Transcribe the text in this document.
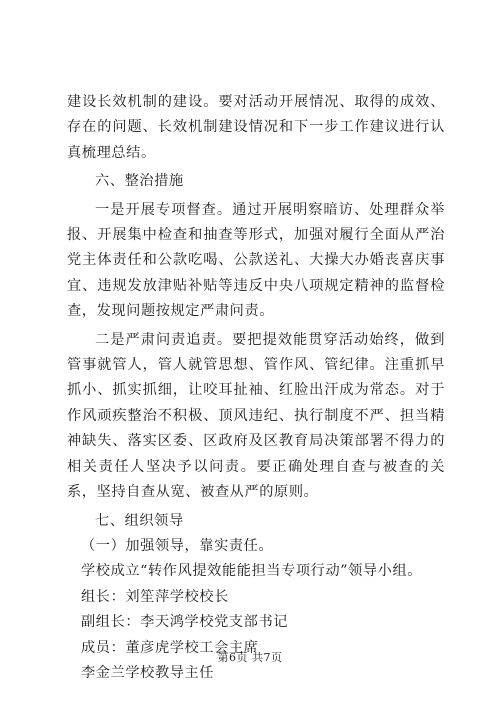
建设长效机制的建设。要对活动开展情况、取得的成效、存在的问题、长效机制建设情况和下一步工作建议进行认真梳理总结。

六、整治措施

一是开展专项督查。通过开展明察暗访、处理群众举报、开展集中检查和抽查等形式，加强对履行全面从严治党主体责任和公款吃喝、公款送礼、大操大办婚丧喜庆事宜、违规发放津贴补贴等违反中央八项规定精神的监督检查，发现问题按规定严肃问责。

二是严肃问责追责。要把提效能贯穿活动始终，做到管事就管人，管人就管思想、管作风、管纪律。注重抓早抓小、抓实抓细，让咬耳扯袖、红脸出汗成为常态。对于作风顽疾整治不积极、顶风违纪、执行制度不严、担当精神缺失、落实区委、区政府及区教育局决策部署不得力的相关责任人坚决予以问责。要正确处理自查与被查的关系，坚持自查从宽、被查从严的原则。

七、组织领导

（一）加强领导，靠实责任。

学校成立“转作风提效能能担当专项行动”领导小组。

组长：刘笙萍学校校长

副组长：李天鸿学校党支部书记

成员：董彦虎学校工会主席

李金兰学校教导主任

第6页 共7页
